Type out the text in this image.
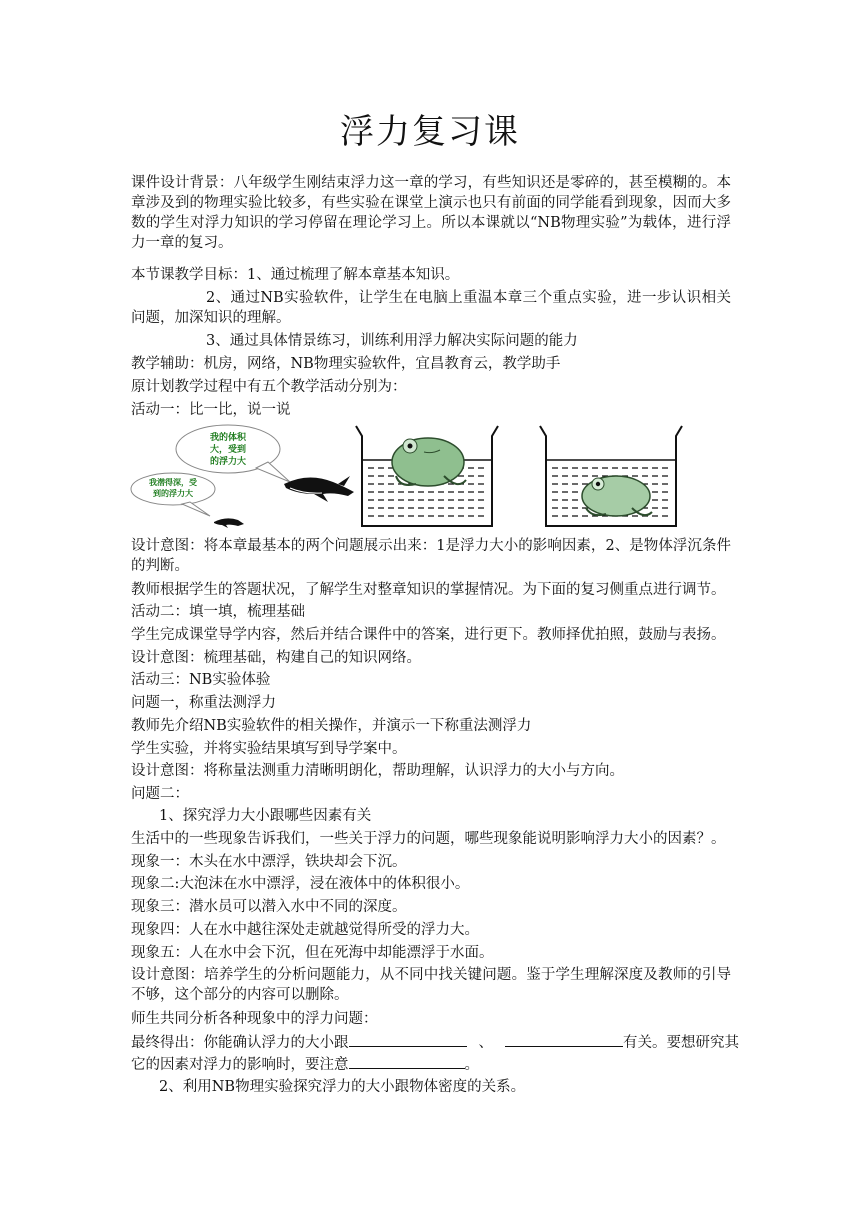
浮力复习课
课件设计背景：八年级学生刚结束浮力这一章的学习，有些知识还是零碎的，甚至模糊的。本章涉及到的物理实验比较多，有些实验在课堂上演示也只有前面的同学能看到现象，因而大多数的学生对浮力知识的学习停留在理论学习上。所以本课就以“NB物理实验”为载体，进行浮力一章的复习。
本节课教学目标：1、通过梳理了解本章基本知识。
2、通过NB实验软件，让学生在电脑上重温本章三个重点实验，进一步认识相关问题，加深知识的理解。
3、通过具体情景练习，训练利用浮力解决实际问题的能力
教学辅助：机房，网络，NB物理实验软件，宜昌教育云，教学助手
原计划教学过程中有五个教学活动分别为：
活动一：比一比，说一说
我的体积
大，受到
的浮力大
我潜得深，受
到的浮力大
设计意图：将本章最基本的两个问题展示出来：1是浮力大小的影响因素，2、是物体浮沉条件的判断。
教师根据学生的答题状况，了解学生对整章知识的掌握情况。为下面的复习侧重点进行调节。
活动二：填一填，梳理基础
学生完成课堂导学内容，然后并结合课件中的答案，进行更下。教师择优拍照，鼓励与表扬。
设计意图：梳理基础，构建自己的知识网络。
活动三：NB实验体验
问题一，称重法测浮力
教师先介绍NB实验软件的相关操作，并演示一下称重法测浮力
学生实验，并将实验结果填写到导学案中。
设计意图：将称量法测重力清晰明朗化，帮助理解，认识浮力的大小与方向。
问题二：
1、探究浮力大小跟哪些因素有关
生活中的一些现象告诉我们，一些关于浮力的问题，哪些现象能说明影响浮力大小的因素？。
现象一：木头在水中漂浮，铁块却会下沉。
现象二:大泡沫在水中漂浮，浸在液体中的体积很小。
现象三：潜水员可以潜入水中不同的深度。
现象四：人在水中越往深处走就越觉得所受的浮力大。
现象五：人在水中会下沉，但在死海中却能漂浮于水面。
设计意图：培养学生的分析问题能力，从不同中找关键问题。鉴于学生理解深度及教师的引导不够，这个部分的内容可以删除。
师生共同分析各种现象中的浮力问题：
最终得出：你能确认浮力的大小跟	、	有关。要想研究其
它的因素对浮力的影响时，要注意	。
2、利用NB物理实验探究浮力的大小跟物体密度的关系。
